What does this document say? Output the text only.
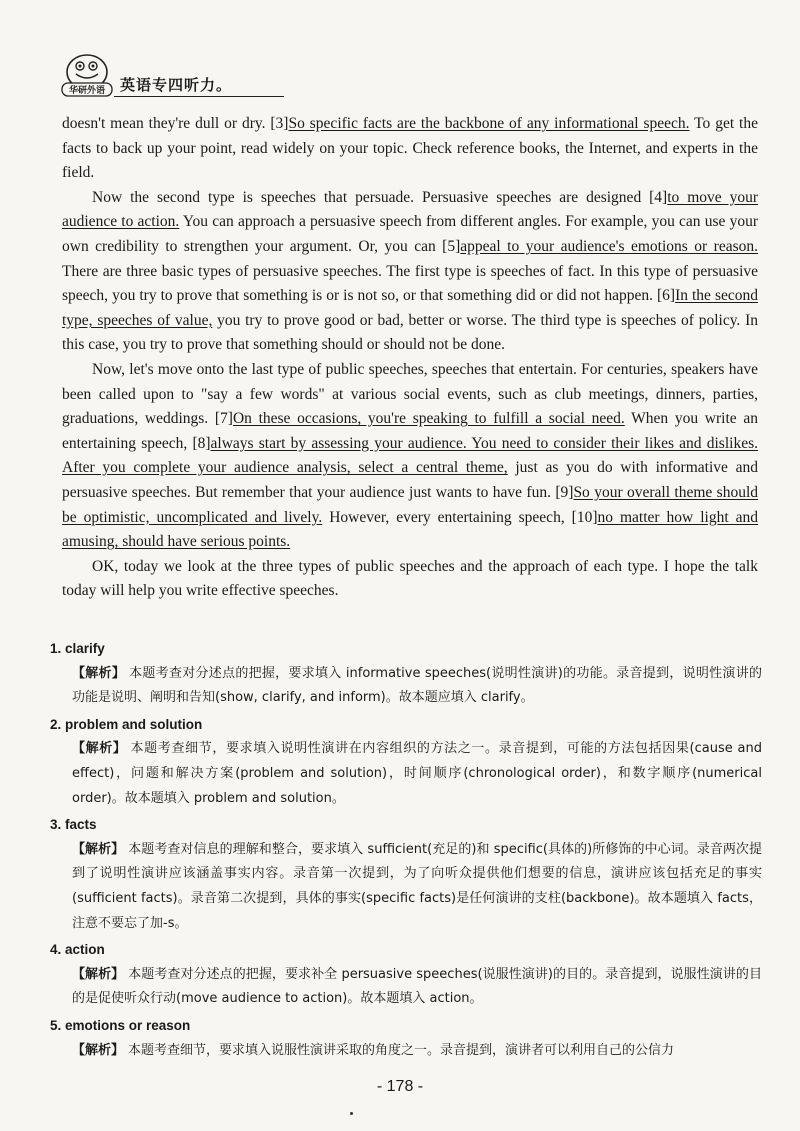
华研外语 英语专四听力。

doesn't mean they're dull or dry. [3]So specific facts are the backbone of any informational speech. To get the facts to back up your point, read widely on your topic. Check reference books, the Internet, and experts in the field.

Now the second type is speeches that persuade. Persuasive speeches are designed [4]to move your audience to action. You can approach a persuasive speech from different angles. For example, you can use your own credibility to strengthen your argument. Or, you can [5]appeal to your audience's emotions or reason. There are three basic types of persuasive speeches. The first type is speeches of fact. In this type of persuasive speech, you try to prove that something is or is not so, or that something did or did not happen. [6]In the second type, speeches of value, you try to prove good or bad, better or worse. The third type is speeches of policy. In this case, you try to prove that something should or should not be done.

Now, let's move onto the last type of public speeches, speeches that entertain. For centuries, speakers have been called upon to "say a few words" at various social events, such as club meetings, dinners, parties, graduations, weddings. [7]On these occasions, you're speaking to fulfill a social need. When you write an entertaining speech, [8]always start by assessing your audience. You need to consider their likes and dislikes. After you complete your audience analysis, select a central theme, just as you do with informative and persuasive speeches. But remember that your audience just wants to have fun. [9]So your overall theme should be optimistic, uncomplicated and lively. However, every entertaining speech, [10]no matter how light and amusing, should have serious points.

OK, today we look at the three types of public speeches and the approach of each type. I hope the talk today will help you write effective speeches.

1. clarify
【解析】 本题考查对分述点的把握，要求填入 informative speeches(说明性演讲)的功能。录音提到，说明性演讲的功能是说明、阐明和告知(show, clarify, and inform)。故本题应填入 clarify。
2. problem and solution
【解析】 本题考查细节，要求填入说明性演讲在内容组织的方法之一。录音提到，可能的方法包括因果(cause and effect)，问题和解决方案(problem and solution)，时间顺序(chronological order)，和数字顺序(numerical order)。故本题填入 problem and solution。
3. facts
【解析】 本题考查对信息的理解和整合，要求填入 sufficient(充足的)和 specific(具体的)所修饰的中心词。录音两次提到了说明性演讲应该涵盖事实内容。录音第一次提到，为了向听众提供他们想要的信息，演讲应该包括充足的事实(sufficient facts)。录音第二次提到，具体的事实(specific facts)是任何演讲的支柱(backbone)。故本题填入 facts，注意不要忘了加-s。
4. action
【解析】 本题考查对分述点的把握，要求补全 persuasive speeches(说服性演讲)的目的。录音提到，说服性演讲的目的是促使听众行动(move audience to action)。故本题填入 action。
5. emotions or reason
【解析】 本题考查细节，要求填入说服性演讲采取的角度之一。录音提到，演讲者可以利用自己的公信力
- 178 -
